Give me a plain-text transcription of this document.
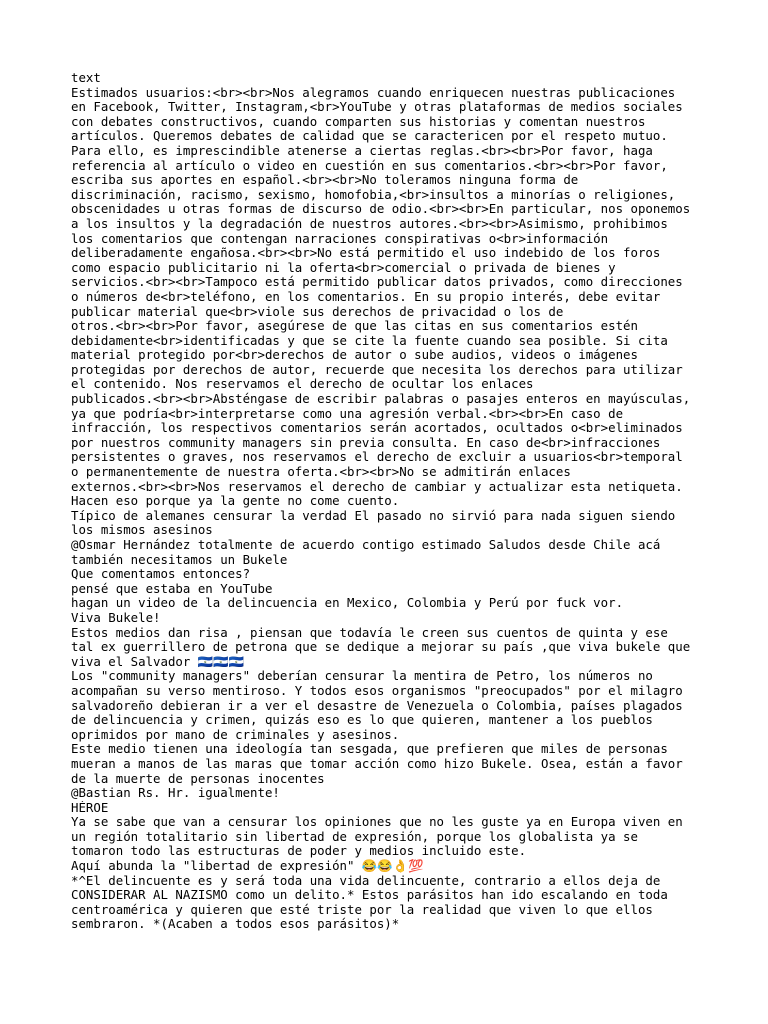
text
Estimados usuarios:<br><br>Nos alegramos cuando enriquecen nuestras publicaciones
en Facebook, Twitter, Instagram,<br>YouTube y otras plataformas de medios sociales
con debates constructivos, cuando comparten sus historias y comentan nuestros
artículos. Queremos debates de calidad que se caractericen por el respeto mutuo.
Para ello, es imprescindible atenerse a ciertas reglas.<br><br>Por favor, haga
referencia al artículo o video en cuestión en sus comentarios.<br><br>Por favor,
escriba sus aportes en español.<br><br>No toleramos ninguna forma de
discriminación, racismo, sexismo, homofobia,<br>insultos a minorías o religiones,
obscenidades u otras formas de discurso de odio.<br><br>En particular, nos oponemos
a los insultos y la degradación de nuestros autores.<br><br>Asimismo, prohibimos
los comentarios que contengan narraciones conspirativas o<br>información
deliberadamente engañosa.<br><br>No está permitido el uso indebido de los foros
como espacio publicitario ni la oferta<br>comercial o privada de bienes y
servicios.<br><br>Tampoco está permitido publicar datos privados, como direcciones
o números de<br>teléfono, en los comentarios. En su propio interés, debe evitar
publicar material que<br>viole sus derechos de privacidad o los de
otros.<br><br>Por favor, asegúrese de que las citas en sus comentarios estén
debidamente<br>identificadas y que se cite la fuente cuando sea posible. Si cita
material protegido por<br>derechos de autor o sube audios, videos o imágenes
protegidas por derechos de autor, recuerde que necesita los derechos para utilizar
el contenido. Nos reservamos el derecho de ocultar los enlaces
publicados.<br><br>Absténgase de escribir palabras o pasajes enteros en mayúsculas,
ya que podría<br>interpretarse como una agresión verbal.<br><br>En caso de
infracción, los respectivos comentarios serán acortados, ocultados o<br>eliminados
por nuestros community managers sin previa consulta. En caso de<br>infracciones
persistentes o graves, nos reservamos el derecho de excluir a usuarios<br>temporal
o permanentemente de nuestra oferta.<br><br>No se admitirán enlaces
externos.<br><br>Nos reservamos el derecho de cambiar y actualizar esta netiqueta.
Hacen eso porque ya la gente no come cuento.
Típico de alemanes censurar la verdad El pasado no sirvió para nada siguen siendo
los mismos asesinos
@Osmar Hernández totalmente de acuerdo contigo estimado Saludos desde Chile acá
también necesitamos un Bukele
Que comentamos entonces?
pensé que estaba en YouTube
hagan un video de la delincuencia en Mexico, Colombia y Perú por fuck vor.
Viva Bukele!
Estos medios dan risa , piensan que todavía le creen sus cuentos de quinta y ese
tal ex guerrillero de petrona que se dedique a mejorar su país ,que viva bukele que
viva el Salvador 🇸🇻🇸🇻🇸🇻
Los "community managers" deberían censurar la mentira de Petro, los números no
acompañan su verso mentiroso. Y todos esos organismos "preocupados" por el milagro
salvadoreño debieran ir a ver el desastre de Venezuela o Colombia, países plagados
de delincuencia y crimen, quizás eso es lo que quieren, mantener a los pueblos
oprimidos por mano de criminales y asesinos.
Este medio tienen una ideología tan sesgada, que prefieren que miles de personas
mueran a manos de las maras que tomar acción como hizo Bukele. Osea, están a favor
de la muerte de personas inocentes
@Bastian Rs. Hr. igualmente!
HÉROE
Ya se sabe que van a censurar los opiniones que no les guste ya en Europa viven en
un región totalitario sin libertad de expresión, porque los globalista ya se
tomaron todo las estructuras de poder y medios incluido este.
Aquí abunda la "libertad de expresión" 😂😂👌💯
*^El delincuente es y será toda una vida delincuente, contrario a ellos deja de
CONSIDERAR AL NAZISMO como un delito.* Estos parásitos han ido escalando en toda
centroamérica y quieren que esté triste por la realidad que viven lo que ellos
sembraron. *(Acaben a todos esos parásitos)*
